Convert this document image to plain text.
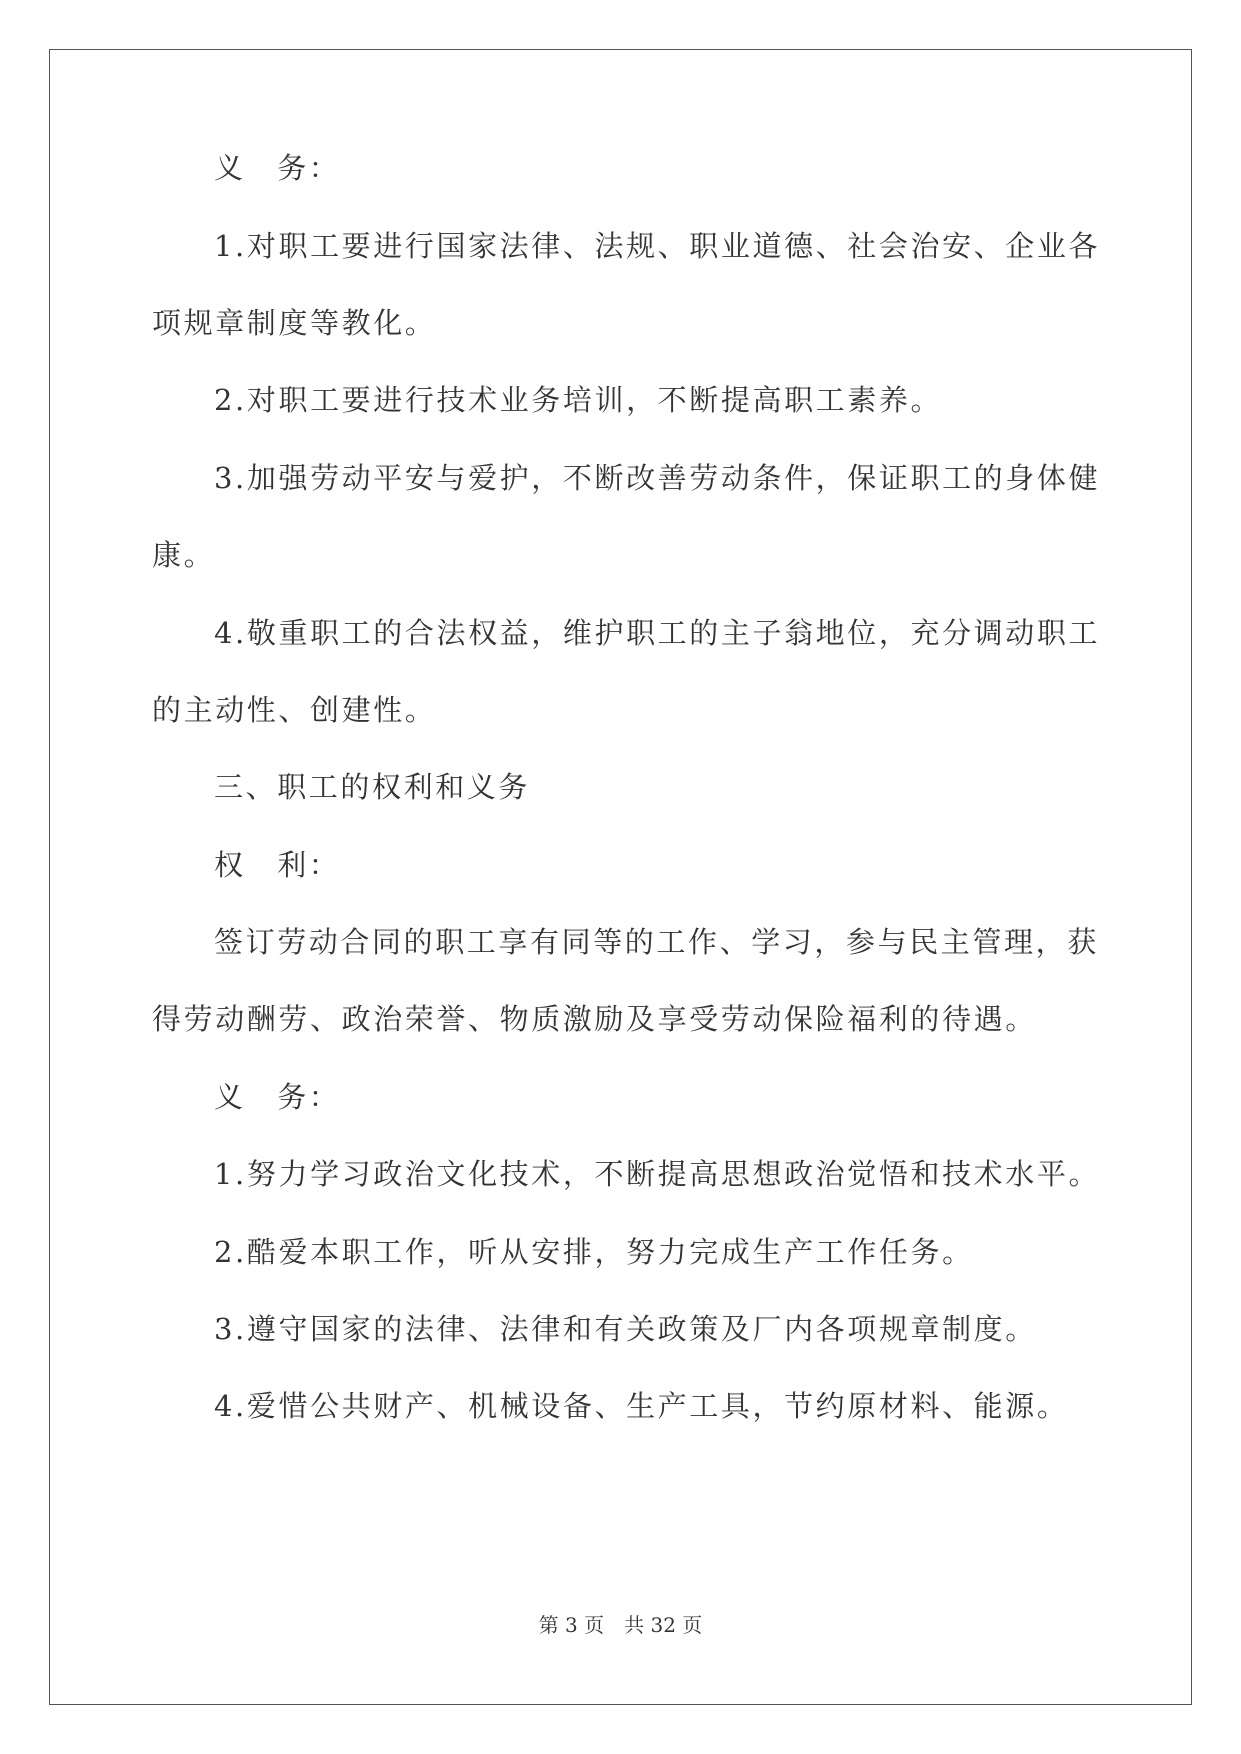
义　务：
1.对职工要进行国家法律、法规、职业道德、社会治安、企业各
项规章制度等教化。
2.对职工要进行技术业务培训，不断提高职工素养。
3.加强劳动平安与爱护，不断改善劳动条件，保证职工的身体健
康。
4.敬重职工的合法权益，维护职工的主子翁地位，充分调动职工
的主动性、创建性。
三、职工的权利和义务
权　利：
签订劳动合同的职工享有同等的工作、学习，参与民主管理，获
得劳动酬劳、政治荣誉、物质激励及享受劳动保险福利的待遇。
义　务：
1.努力学习政治文化技术，不断提高思想政治觉悟和技术水平。
2.酷爱本职工作，听从安排，努力完成生产工作任务。
3.遵守国家的法律、法律和有关政策及厂内各项规章制度。
4.爱惜公共财产、机械设备、生产工具，节约原材料、能源。
第 3 页　共 32 页
